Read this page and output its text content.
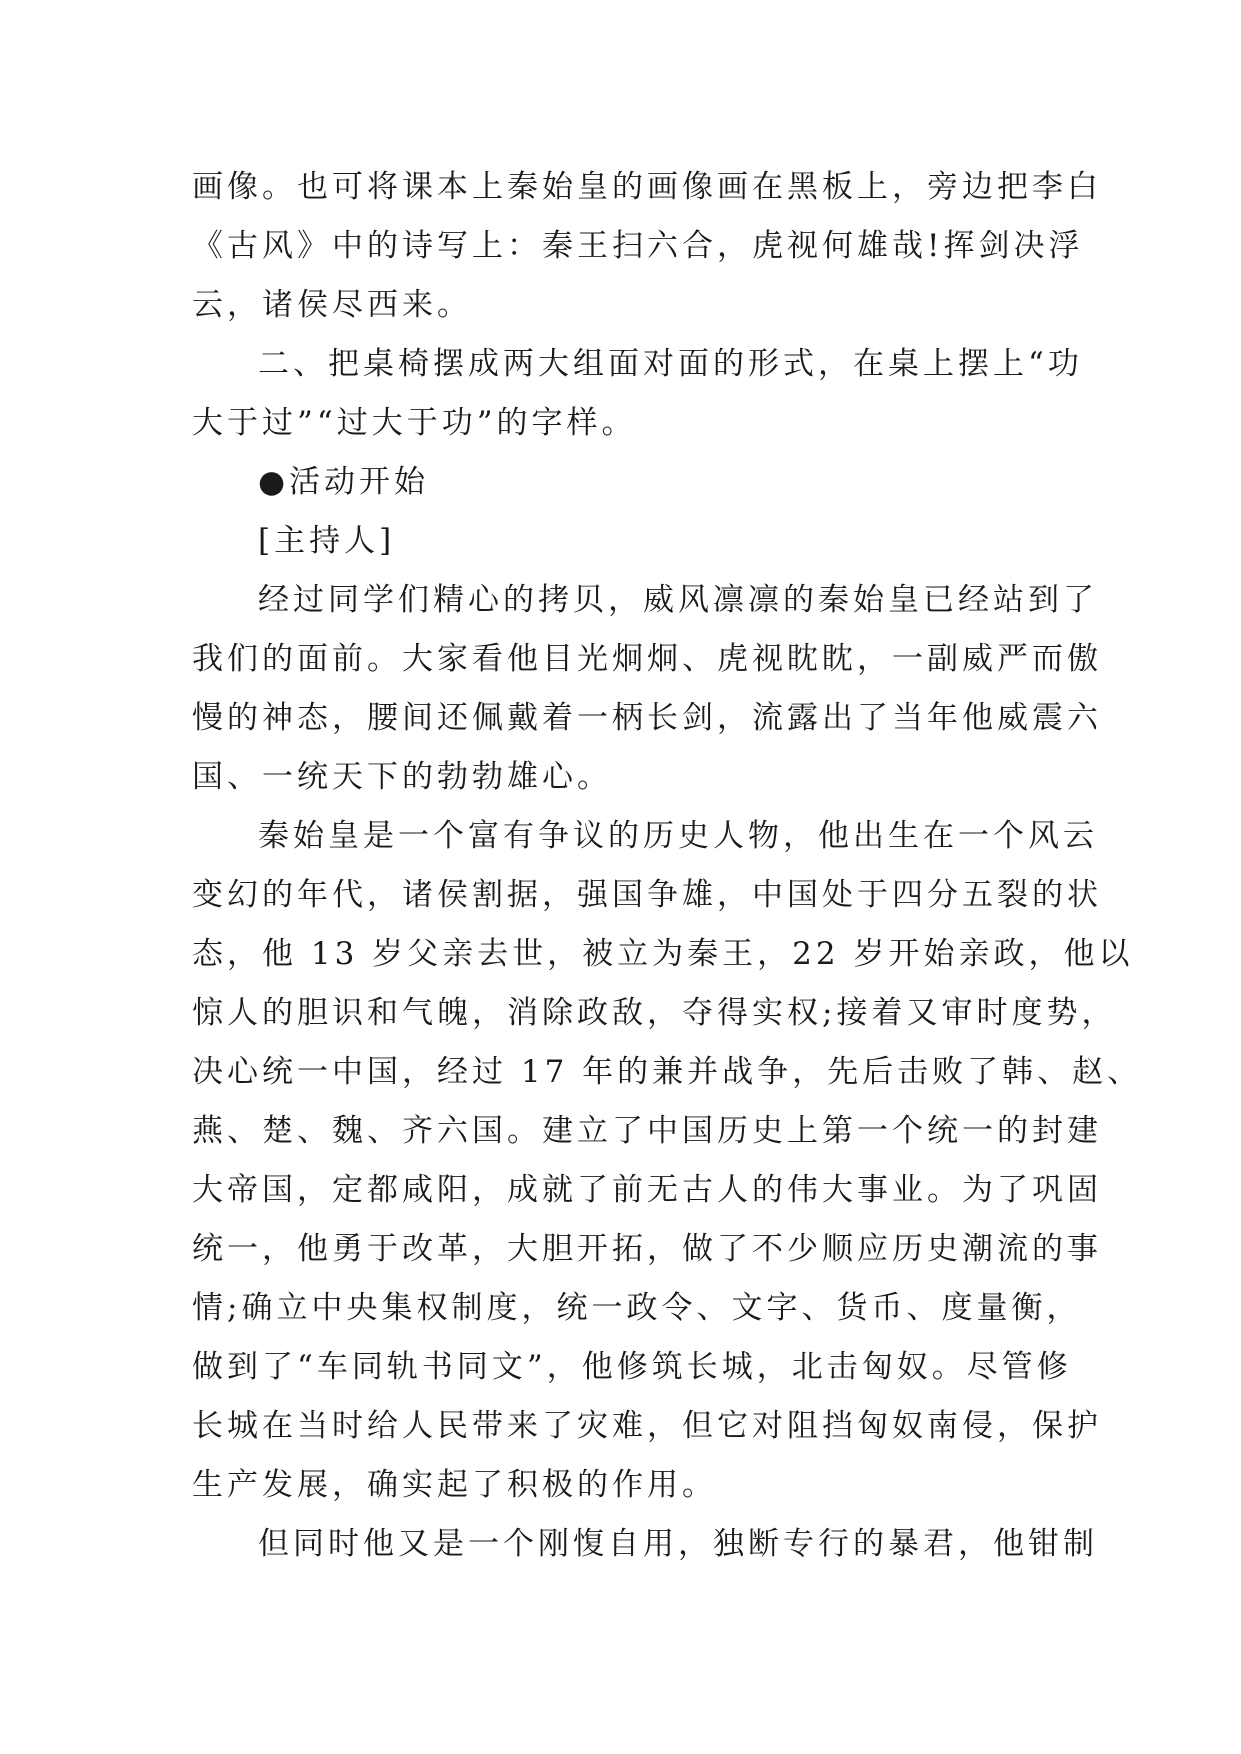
画像。也可将课本上秦始皇的画像画在黑板上，旁边把李白
《古风》中的诗写上：秦王扫六合，虎视何雄哉!挥剑决浮
云，诸侯尽西来。
二、把桌椅摆成两大组面对面的形式，在桌上摆上“功
大于过”“过大于功”的字样。
●活动开始
[主持人]
经过同学们精心的拷贝，威风凛凛的秦始皇已经站到了
我们的面前。大家看他目光炯炯、虎视眈眈，一副威严而傲
慢的神态，腰间还佩戴着一柄长剑，流露出了当年他威震六
国、一统天下的勃勃雄心。
秦始皇是一个富有争议的历史人物，他出生在一个风云
变幻的年代，诸侯割据，强国争雄，中国处于四分五裂的状
态，他 13 岁父亲去世，被立为秦王，22 岁开始亲政，他以
惊人的胆识和气魄，消除政敌，夺得实权;接着又审时度势，
决心统一中国，经过 17 年的兼并战争，先后击败了韩、赵、
燕、楚、魏、齐六国。建立了中国历史上第一个统一的封建
大帝国，定都咸阳，成就了前无古人的伟大事业。为了巩固
统一，他勇于改革，大胆开拓，做了不少顺应历史潮流的事
情;确立中央集权制度，统一政令、文字、货币、度量衡，
做到了“车同轨书同文”，他修筑长城，北击匈奴。尽管修
长城在当时给人民带来了灾难，但它对阻挡匈奴南侵，保护
生产发展，确实起了积极的作用。
但同时他又是一个刚愎自用，独断专行的暴君，他钳制
